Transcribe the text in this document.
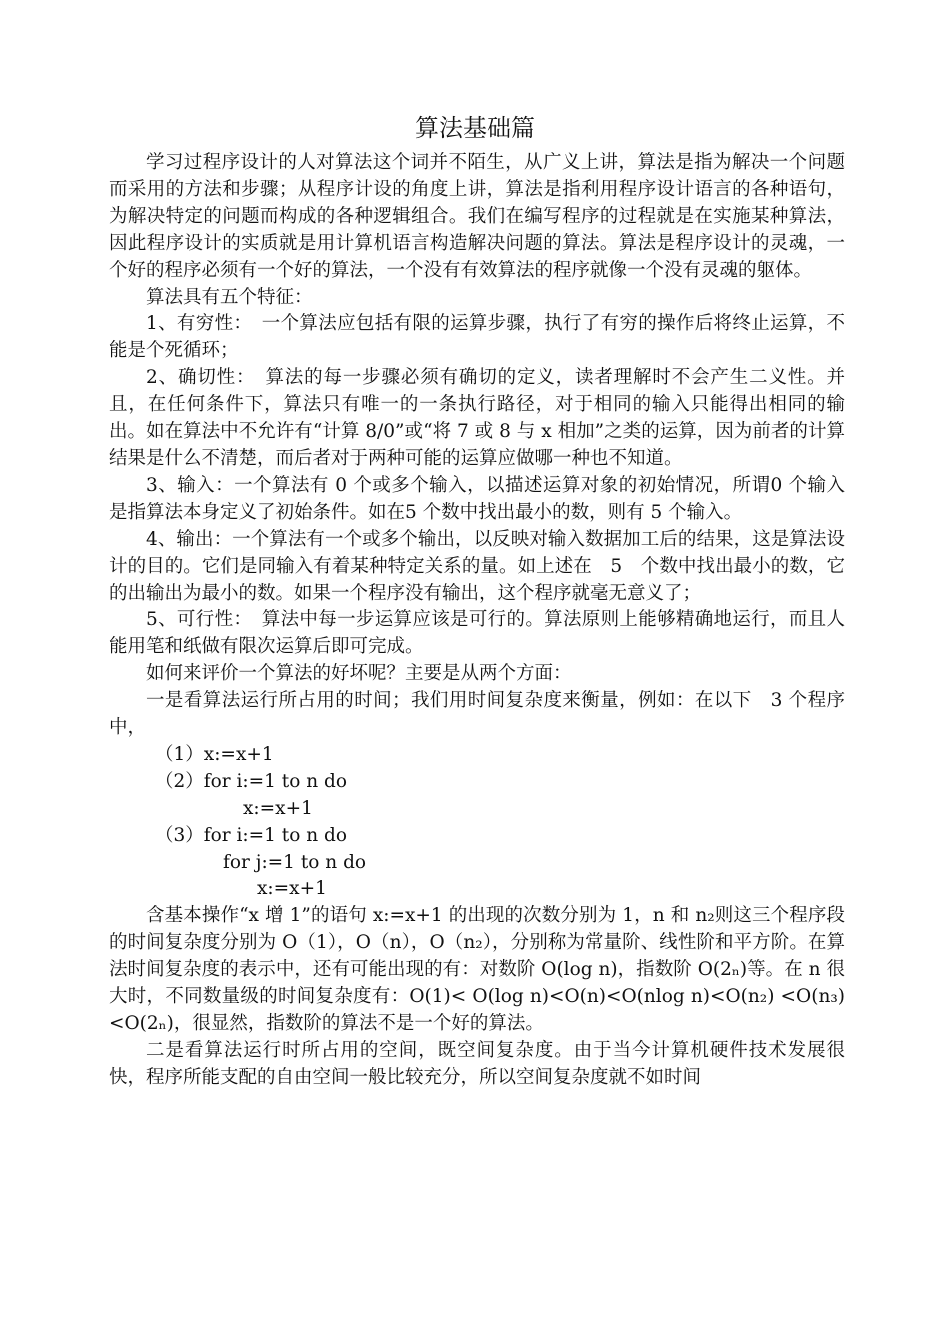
算法基础篇

学习过程序设计的人对算法这个词并不陌生，从广义上讲，算法是指为解决一个问题而采用的方法和步骤；从程序计设的角度上讲，算法是指利用程序设计语言的各种语句，为解决特定的问题而构成的各种逻辑组合。我们在编写程序的过程就是在实施某种算法，因此程序设计的实质就是用计算机语言构造解决问题的算法。算法是程序设计的灵魂，一个好的程序必须有一个好的算法，一个没有有效算法的程序就像一个没有灵魂的躯体。

算法具有五个特征：

1、有穷性：　一个算法应包括有限的运算步骤，执行了有穷的操作后将终止运算，不能是个死循环；

2、确切性：　算法的每一步骤必须有确切的定义，读者理解时不会产生二义性。并且，在任何条件下，算法只有唯一的一条执行路径，对于相同的输入只能得出相同的输出。如在算法中不允许有“计算 8/0”或“将 7 或 8 与 x 相加”之类的运算，因为前者的计算结果是什么不清楚，而后者对于两种可能的运算应做哪一种也不知道。

3、输入：一个算法有 0 个或多个输入，以描述运算对象的初始情况，所谓0 个输入是指算法本身定义了初始条件。如在5 个数中找出最小的数，则有 5 个输入。

4、输出：一个算法有一个或多个输出，以反映对输入数据加工后的结果，这是算法设计的目的。它们是同输入有着某种特定关系的量。如上述在　5　个数中找出最小的数，它的出输出为最小的数。如果一个程序没有输出，这个程序就毫无意义了；

5、可行性：　算法中每一步运算应该是可行的。算法原则上能够精确地运行，而且人能用笔和纸做有限次运算后即可完成。

如何来评价一个算法的好坏呢？主要是从两个方面：

一是看算法运行所占用的时间；我们用时间复杂度来衡量，例如：在以下　3 个程序中，

（1）x:=x+1
（2）for i:=1 to n do
x:=x+1
（3）for i:=1 to n do
for j:=1 to n do
x:=x+1

含基本操作“x 增 1”的语句 x:=x+1 的出现的次数分别为 1，n 和 n₂则这三个程序段的时间复杂度分别为 O（1），O（n），O（n₂），分别称为常量阶、线性阶和平方阶。在算法时间复杂度的表示中，还有可能出现的有：对数阶 O(log n)，指数阶 O(2ₙ)等。在 n 很大时，不同数量级的时间复杂度有：O(1)< O(log n)<O(n)<O(nlog n)<O(n₂) <O(n₃) <O(2ₙ)，很显然，指数阶的算法不是一个好的算法。

二是看算法运行时所占用的空间，既空间复杂度。由于当今计算机硬件技术发展很快，程序所能支配的自由空间一般比较充分，所以空间复杂度就不如时间
